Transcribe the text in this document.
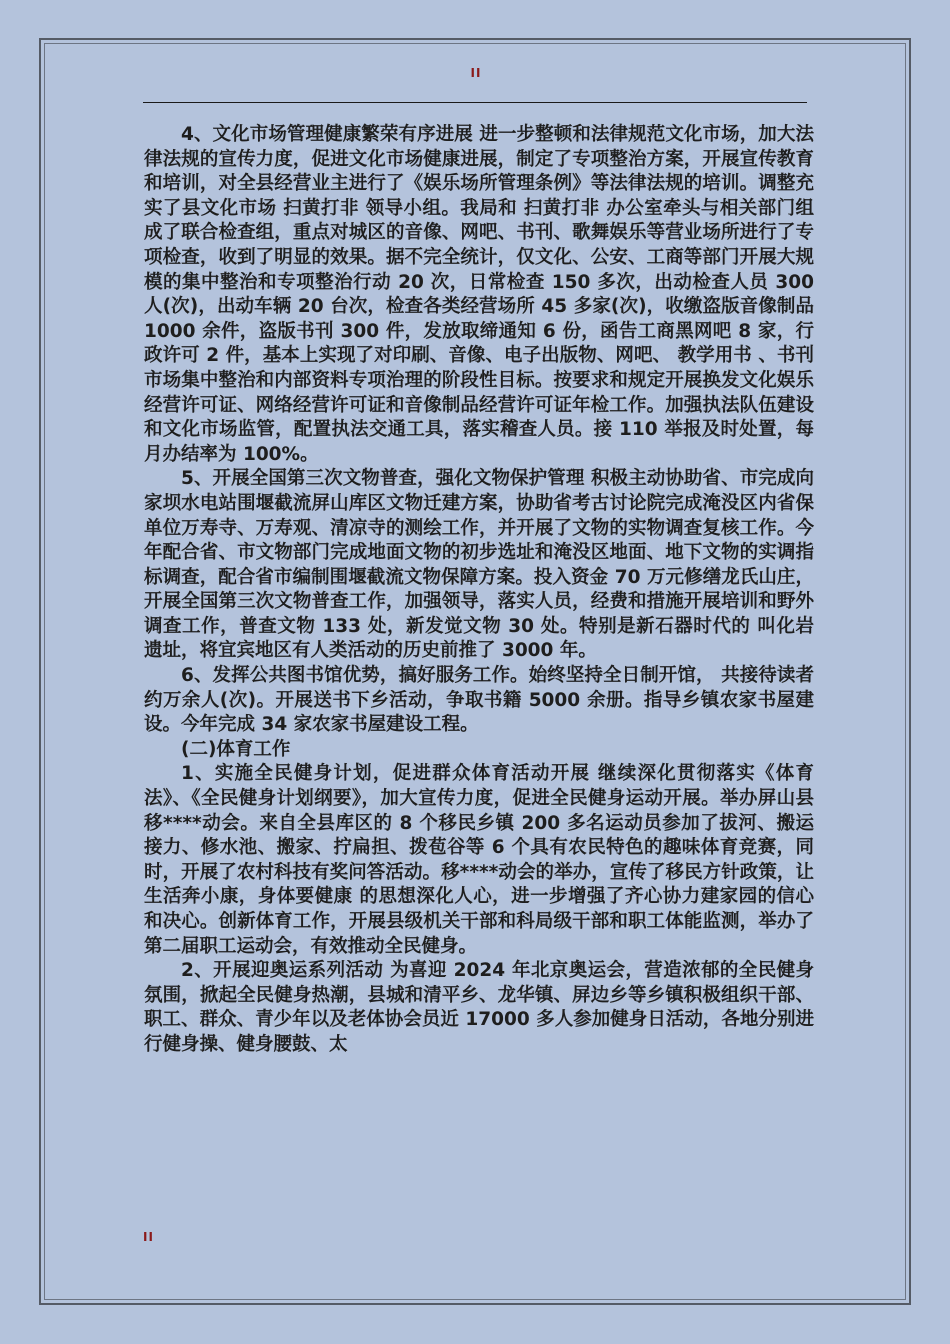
II

4、文化市场管理健康繁荣有序进展 进一步整顿和法律规范文化市场，加大法律法规的宣传力度，促进文化市场健康进展，制定了专项整治方案，开展宣传教育和培训，对全县经营业主进行了《娱乐场所管理条例》等法律法规的培训。调整充实了县文化市场 扫黄打非 领导小组。我局和 扫黄打非 办公室牵头与相关部门组成了联合检查组，重点对城区的音像、网吧、书刊、歌舞娱乐等营业场所进行了专项检查，收到了明显的效果。据不完全统计，仅文化、公安、工商等部门开展大规模的集中整治和专项整治行动 20 次，日常检查 150 多次，出动检查人员 300 人(次)，出动车辆 20 台次，检查各类经营场所 45 多家(次)，收缴盗版音像制品 1000 余件，盗版书刊 300 件，发放取缔通知 6 份，函告工商黑网吧 8 家，行政许可 2 件，基本上实现了对印刷、音像、电子出版物、网吧、 教学用书 、书刊市场集中整治和内部资料专项治理的阶段性目标。按要求和规定开展换发文化娱乐经营许可证、网络经营许可证和音像制品经营许可证年检工作。加强执法队伍建设和文化市场监管，配置执法交通工具，落实稽查人员。接 110 举报及时处置，每月办结率为 100%。

5、开展全国第三次文物普查，强化文物保护管理 积极主动协助省、市完成向家坝水电站围堰截流屏山库区文物迁建方案，协助省考古讨论院完成淹没区内省保单位万寿寺、万寿观、清凉寺的测绘工作，并开展了文物的实物调查复核工作。今年配合省、市文物部门完成地面文物的初步选址和淹没区地面、地下文物的实调指标调查，配合省市编制围堰截流文物保障方案。投入资金 70 万元修缮龙氏山庄，开展全国第三次文物普查工作，加强领导，落实人员，经费和措施开展培训和野外调查工作，普查文物 133 处，新发觉文物 30 处。特别是新石器时代的 叫化岩 遗址，将宜宾地区有人类活动的历史前推了 3000 年。

6、发挥公共图书馆优势，搞好服务工作。始终坚持全日制开馆， 共接待读者约万余人(次)。开展送书下乡活动，争取书籍 5000 余册。指导乡镇农家书屋建设。今年完成 34 家农家书屋建设工程。

(二)体育工作

1、实施全民健身计划，促进群众体育活动开展 继续深化贯彻落实《体育法》、《全民健身计划纲要》，加大宣传力度，促进全民健身运动开展。举办屏山县移****动会。来自全县库区的 8 个移民乡镇 200 多名运动员参加了拔河、搬运接力、修水池、搬家、拧扁担、拨苞谷等 6 个具有农民特色的趣味体育竞赛，同时，开展了农村科技有奖问答活动。移****动会的举办，宣传了移民方针政策，让 生活奔小康，身体要健康 的思想深化人心，进一步增强了齐心协力建家园的信心和决心。创新体育工作，开展县级机关干部和科局级干部和职工体能监测，举办了第二届职工运动会，有效推动全民健身。

2、开展迎奥运系列活动 为喜迎 2024 年北京奥运会，营造浓郁的全民健身氛围，掀起全民健身热潮，县城和清平乡、龙华镇、屏边乡等乡镇积极组织干部、职工、群众、青少年以及老体协会员近 17000 多人参加健身日活动，各地分别进行健身操、健身腰鼓、太

II
